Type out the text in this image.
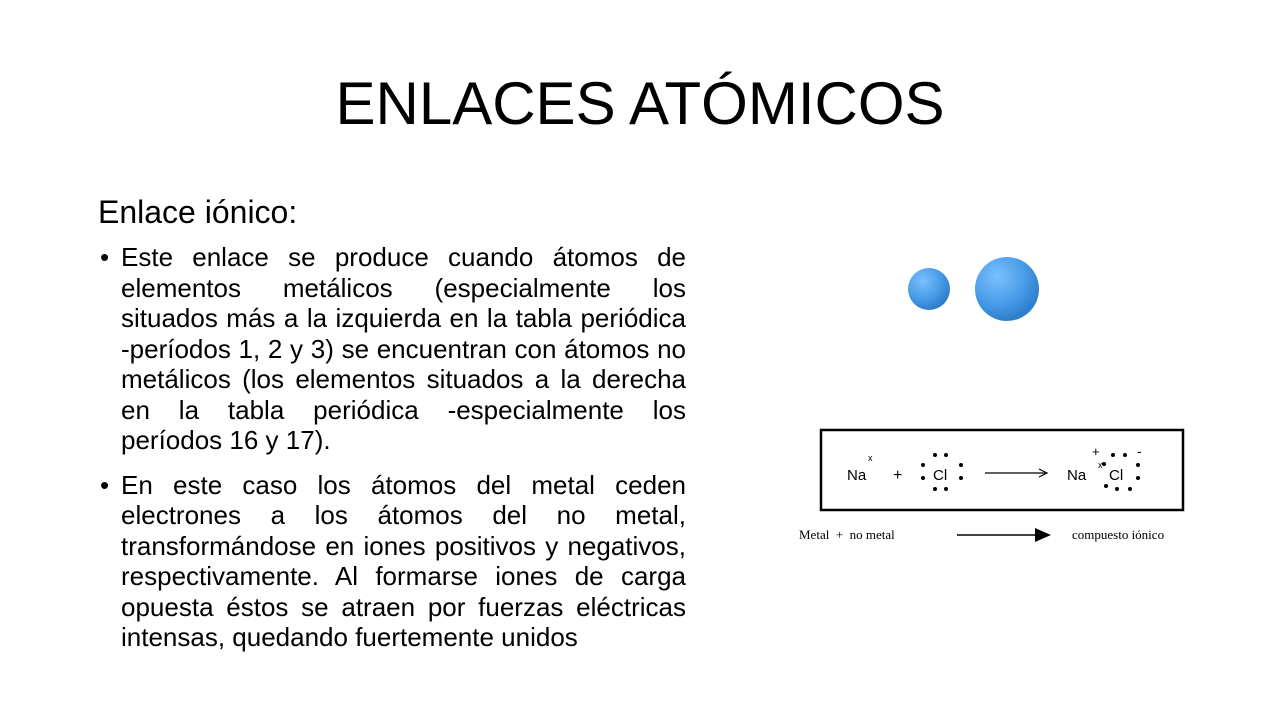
ENLACES ATÓMICOS
Enlace iónico:
• Este enlace se produce cuando átomos de elementos metálicos (especialmente los situados más a la izquierda en la tabla periódica -períodos 1, 2 y 3) se encuentran con átomos no metálicos (los elementos situados a la derecha en la tabla periódica -especialmente los períodos 16 y 17).
• En este caso los átomos del metal ceden electrones a los átomos del no metal, transformándose en iones positivos y negativos, respectivamente. Al formarse iones de carga opuesta éstos se atraen por fuerzas eléctricas intensas, quedando fuertemente unidos
Na
x
+ Cl	Na
+
x
Cl
-
Metal  +  no metal	compuesto iónico
